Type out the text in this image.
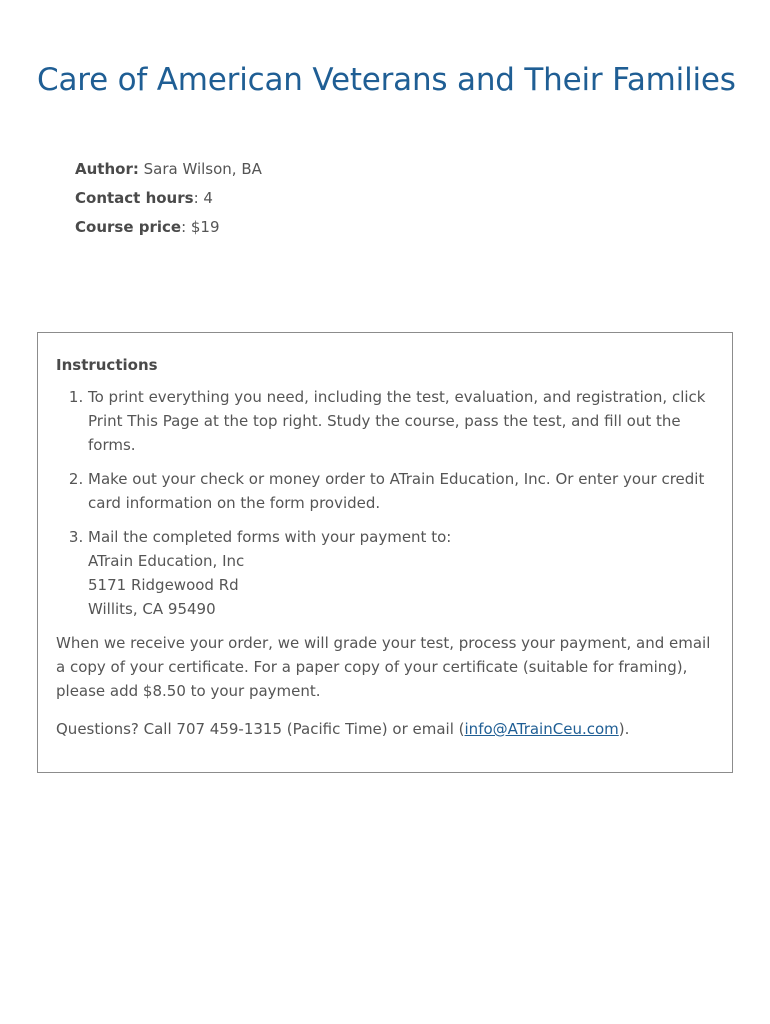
Care of American Veterans and Their Families
Author: Sara Wilson, BA
Contact hours: 4
Course price: $19
Instructions
1. To print everything you need, including the test, evaluation, and registration, click Print This Page at the top right. Study the course, pass the test, and fill out the forms.
2. Make out your check or money order to ATrain Education, Inc. Or enter your credit card information on the form provided.
3. Mail the completed forms with your payment to:
ATrain Education, Inc
5171 Ridgewood Rd
Willits, CA 95490

When we receive your order, we will grade your test, process your payment, and email a copy of your certificate. For a paper copy of your certificate (suitable for framing), please add $8.50 to your payment.

Questions? Call 707 459-1315 (Pacific Time) or email (info@ATrainCeu.com).
